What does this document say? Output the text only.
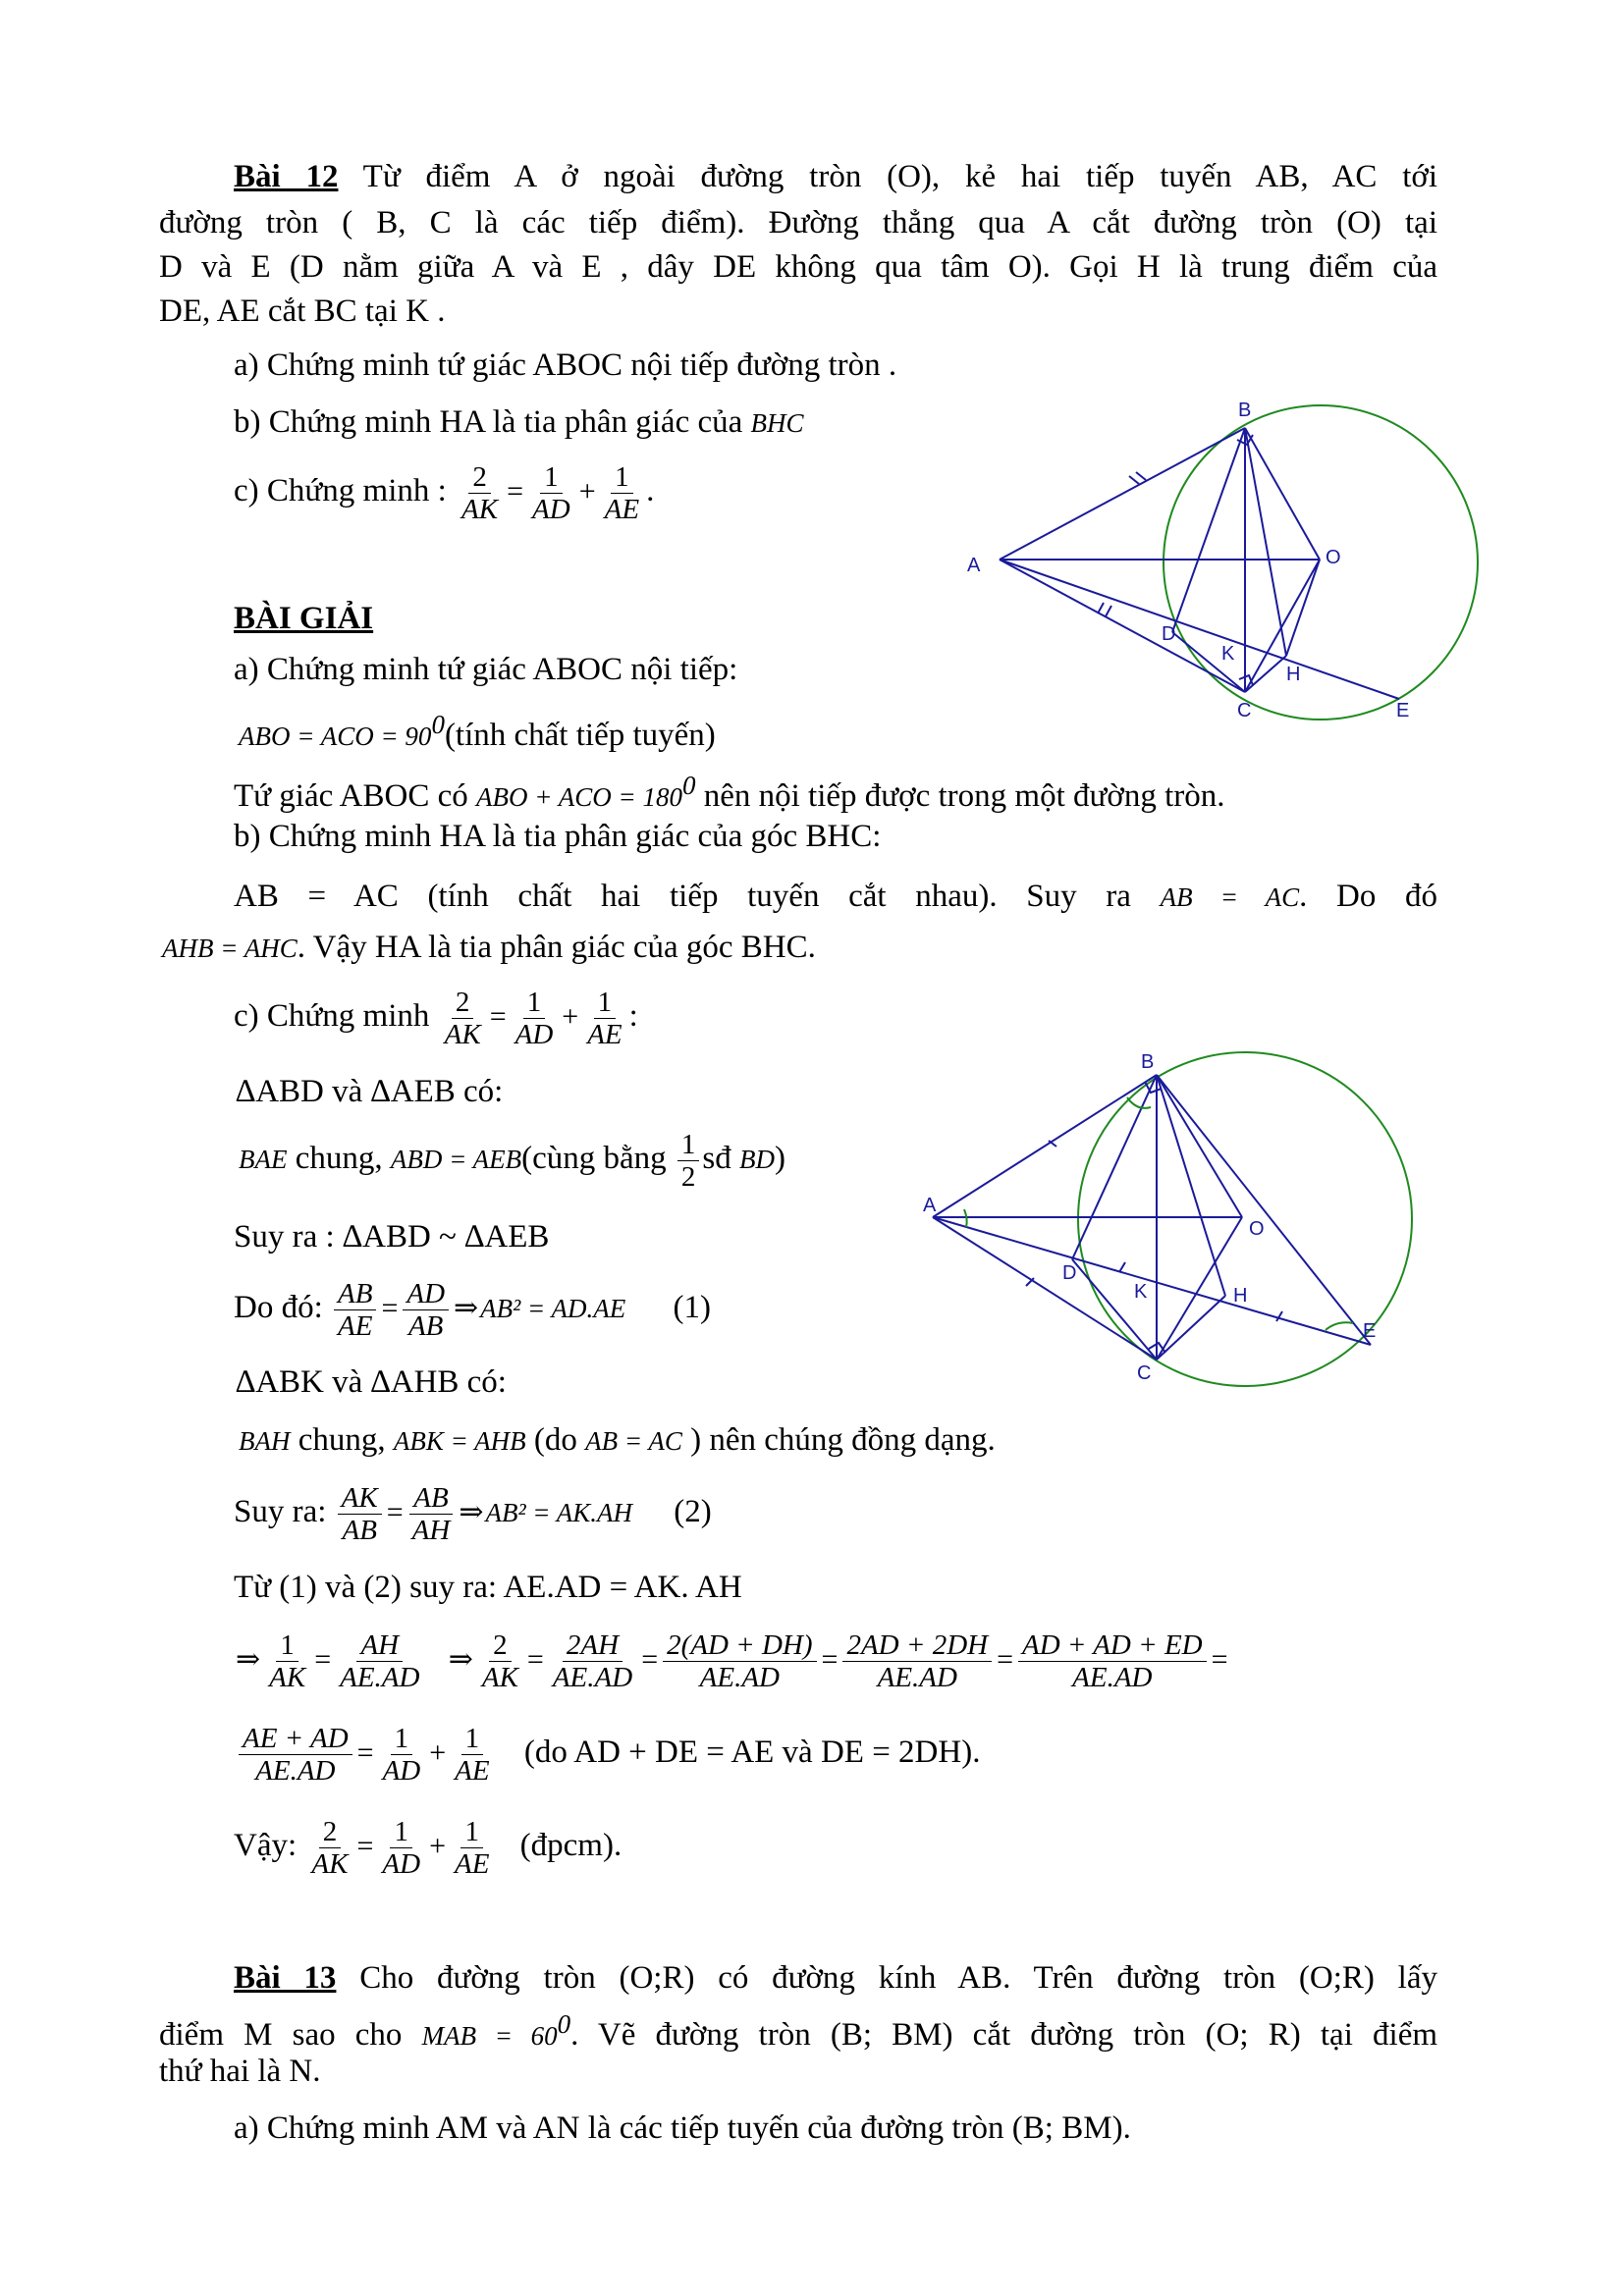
Bài 12 Từ điểm A ở ngoài đường tròn (O), kẻ hai tiếp tuyến AB, AC tới
đường tròn ( B, C là các tiếp điểm). Đường thẳng qua A cắt đường tròn (O) tại
D và E (D nằm giữa A và E , dây DE không qua tâm O). Gọi H là trung điểm của
DE, AE cắt BC tại K .
a) Chứng minh tứ giác ABOC nội tiếp đường tròn .
b) Chứng minh HA là tia phân giác của BHC
c) Chứng minh : $\frac{2}{AK} = \frac{1}{AD} + \frac{1}{AE}$ .
A
B
C
D
E
O
K
H
BÀI GIẢI
a) Chứng minh tứ giác ABOC nội tiếp:
ABO = ACO = $90^0(tính$ chất tiếp tuyến)
Tứ giác ABOC có ABO + ACO = $180^0$ nên nội tiếp được trong một đường tròn.
b) Chứng minh HA là tia phân giác của góc BHC:
AB = AC (tính chất hai tiếp tuyến cắt nhau). Suy ra AB = AC. Do đó
AHB = AHC. Vậy HA là tia phân giác của góc BHC.
c) Chứng minh $\frac{2}{AK} = \frac{1}{AD} + \frac{1}{AE}$ :
∆ABD và ∆AEB có:
BAE chung, ABD = AEB(cùng bằng $\frac{1}{2}$ sđ BD)
Suy ra : ∆ABD ~ ∆AEB
Do đó: $\frac{AB}{AE} = \frac{AD}{AB}$ ⇒AB² = AD.AE (1)
∆ABK và ∆AHB có:
BAH chung, ABK = AHB (do AB = AC ) nên chúng đồng dạng.
Suy ra: $\frac{AK}{AB} = \frac{AB}{AH}$ ⇒AB² = AK.AH (2)
Từ (1) và (2) suy ra: AE.AD = AK. AH
⇒ $\frac{1}{AK} = \frac{AH}{AE.AD}$ ⇒ $\frac{2}{AK} = \frac{2AH}{AE.AD} = \frac{2(AD + DH)}{AE.AD} = \frac{2AD + 2DH}{AE.AD} = \frac{AD + AD + ED}{AE.AD}$ =
$\frac{AE + AD}{AE.AD} = \frac{1}{AD} + \frac{1}{AE} (do$ AD + DE = AE và DE = 2DH).
Vậy: $\frac{2}{AK} = \frac{1}{AD} + \frac{1}{AE}$ (đpcm).
A
B
C
D
E
O
K	H
Bài 13 Cho đường tròn (O;R) có đường kính AB. Trên đường tròn (O;R) lấy
điểm M sao cho MAB = $60^0$. Vẽ đường tròn (B; BM) cắt đường tròn (O; R) tại điểm
thứ hai là N.
a) Chứng minh AM và AN là các tiếp tuyến của đường tròn (B; BM).
